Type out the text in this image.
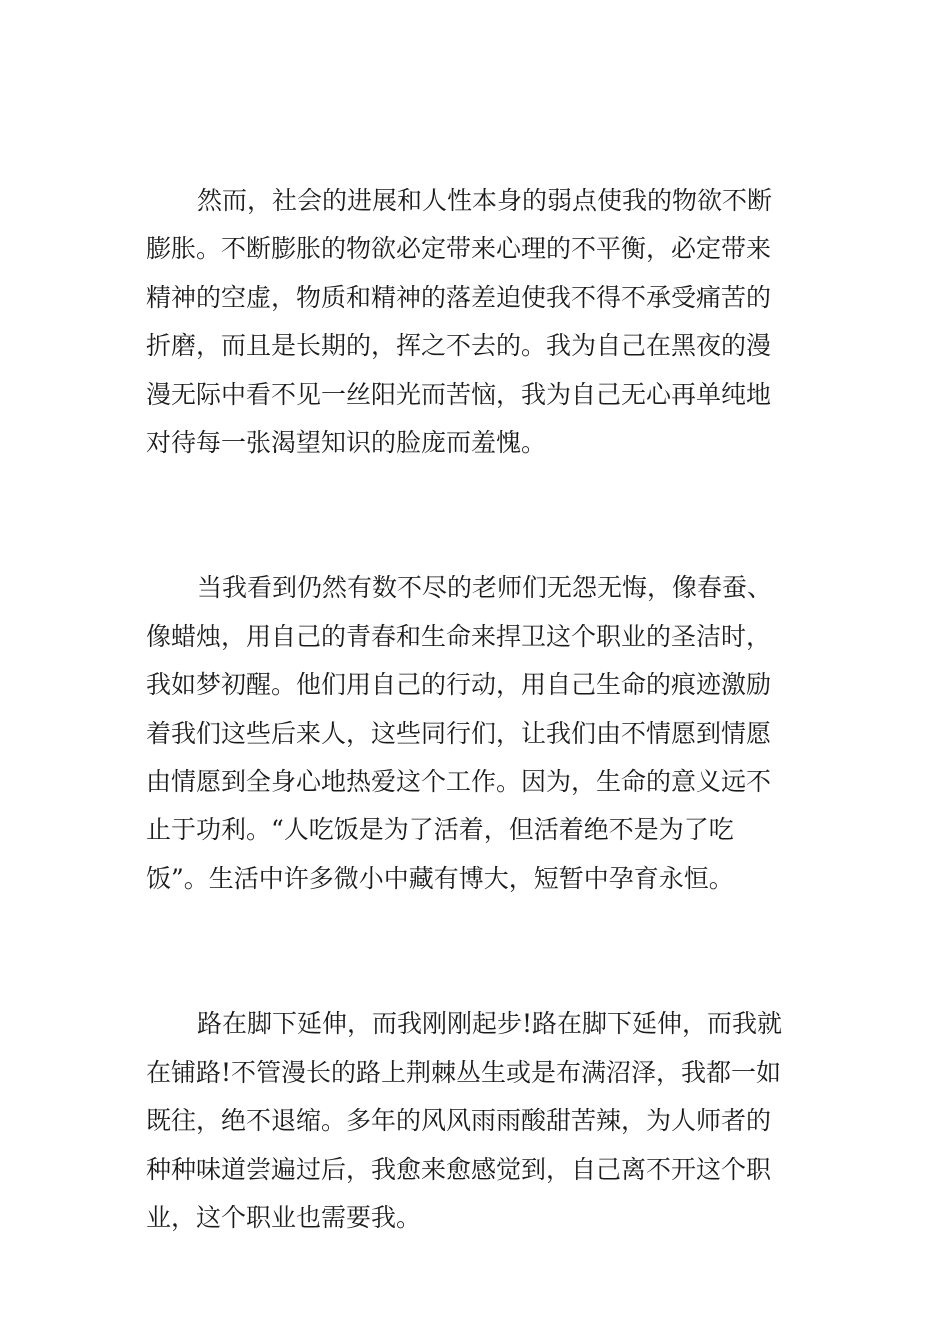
然而，社会的进展和人性本身的弱点使我的物欲不断
膨胀。不断膨胀的物欲必定带来心理的不平衡，必定带来
精神的空虚，物质和精神的落差迫使我不得不承受痛苦的
折磨，而且是长期的，挥之不去的。我为自己在黑夜的漫
漫无际中看不见一丝阳光而苦恼，我为自己无心再单纯地
对待每一张渴望知识的脸庞而羞愧。
当我看到仍然有数不尽的老师们无怨无悔，像春蚕、
像蜡烛，用自己的青春和生命来捍卫这个职业的圣洁时，
我如梦初醒。他们用自己的行动，用自己生命的痕迹激励
着我们这些后来人，这些同行们，让我们由不情愿到情愿
由情愿到全身心地热爱这个工作。因为，生命的意义远不
止于功利。“人吃饭是为了活着，但活着绝不是为了吃
饭”。生活中许多微小中藏有博大，短暂中孕育永恒。
路在脚下延伸，而我刚刚起步!路在脚下延伸，而我就
在铺路!不管漫长的路上荆棘丛生或是布满沼泽，我都一如
既往，绝不退缩。多年的风风雨雨酸甜苦辣，为人师者的
种种味道尝遍过后，我愈来愈感觉到，自己离不开这个职
业，这个职业也需要我。
